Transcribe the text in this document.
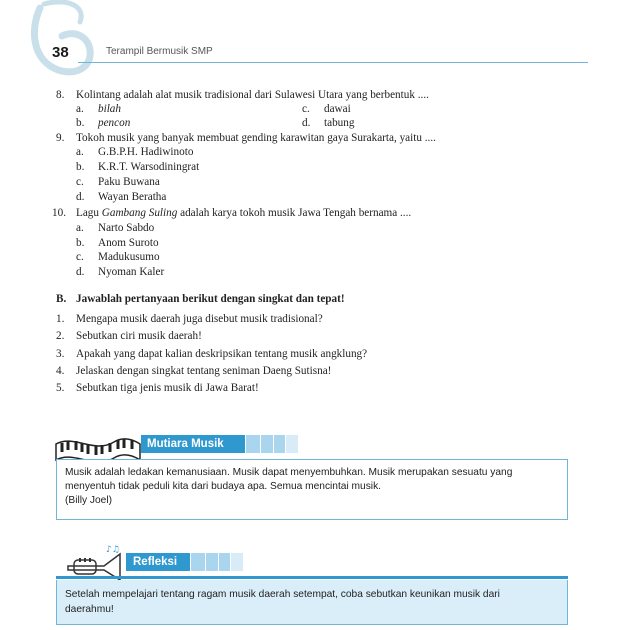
38	Terampil Bermusik SMP
8. Kolintang adalah alat musik tradisional dari Sulawesi Utara yang berbentuk ....
a. bilah
b. pencon
c. dawai
d. tabung
9. Tokoh musik yang banyak membuat gending karawitan gaya Surakarta, yaitu ....
a. G.B.P.H. Hadiwinoto
b. K.R.T. Warsodiningrat
c. Paku Buwana
d. Wayan Beratha
10. Lagu Gambang Suling adalah karya tokoh musik Jawa Tengah bernama ....
a. Narto Sabdo
b. Anom Suroto
c. Madukusumo
d. Nyoman Kaler
B. Jawablah pertanyaan berikut dengan singkat dan tepat!
1. Mengapa musik daerah juga disebut musik tradisional?
2. Sebutkan ciri musik daerah!
3. Apakah yang dapat kalian deskripsikan tentang musik angklung?
4. Jelaskan dengan singkat tentang seniman Daeng Sutisna!
5. Sebutkan tiga jenis musik di Jawa Barat!
Mutiara Musik
Musik adalah ledakan kemanusiaan. Musik dapat menyembuhkan. Musik merupakan sesuatu yang
menyentuh tidak peduli kita dari budaya apa. Semua mencintai musik.
(Billy Joel)
♪♫
Refleksi
Setelah mempelajari tentang ragam musik daerah setempat, coba sebutkan keunikan musik dari
daerahmu!
